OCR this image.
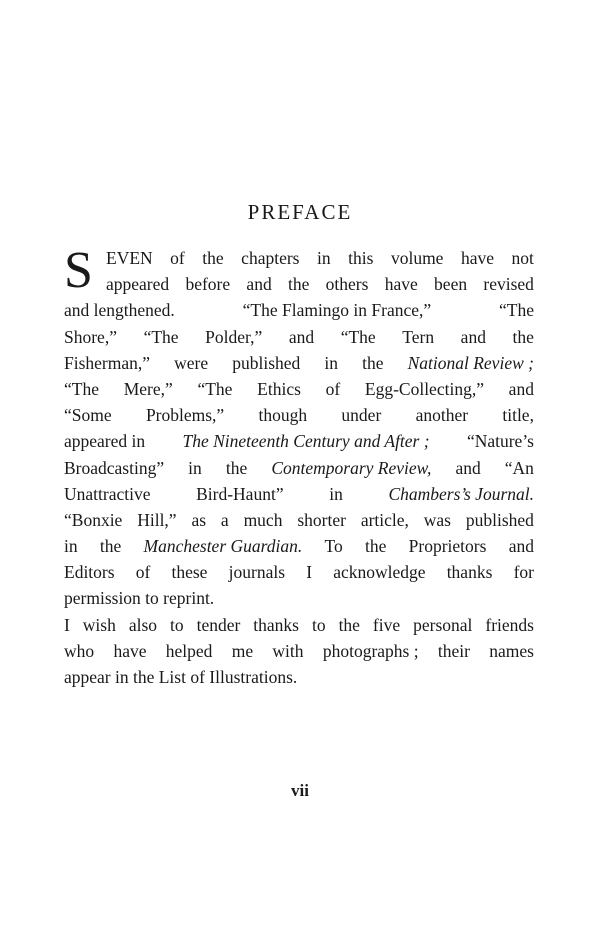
PREFACE
S EVEN of the chapters in this volume have not
appeared before and the others have been revised
and lengthened.	“The Flamingo in France,”	“The
Shore,” “The Polder,” and “The Tern and the
Fisherman,” were published in the National Review ;
“The Mere,” “The Ethics of Egg-Collecting,” and
“Some Problems,” though under another title,
appeared in The Nineteenth Century and After ; “Nature’s
Broadcasting” in the Contemporary Review, and “An
Unattractive	Bird-Haunt”	in	Chambers’s Journal.
“Bonxie Hill,” as a much shorter article, was published
in the Manchester Guardian. To the Proprietors and
Editors of these journals I acknowledge thanks for
permission to reprint.
I wish also to tender thanks to the five personal friends
who have helped me with photographs ; their names
appear in the List of Illustrations.
vii
